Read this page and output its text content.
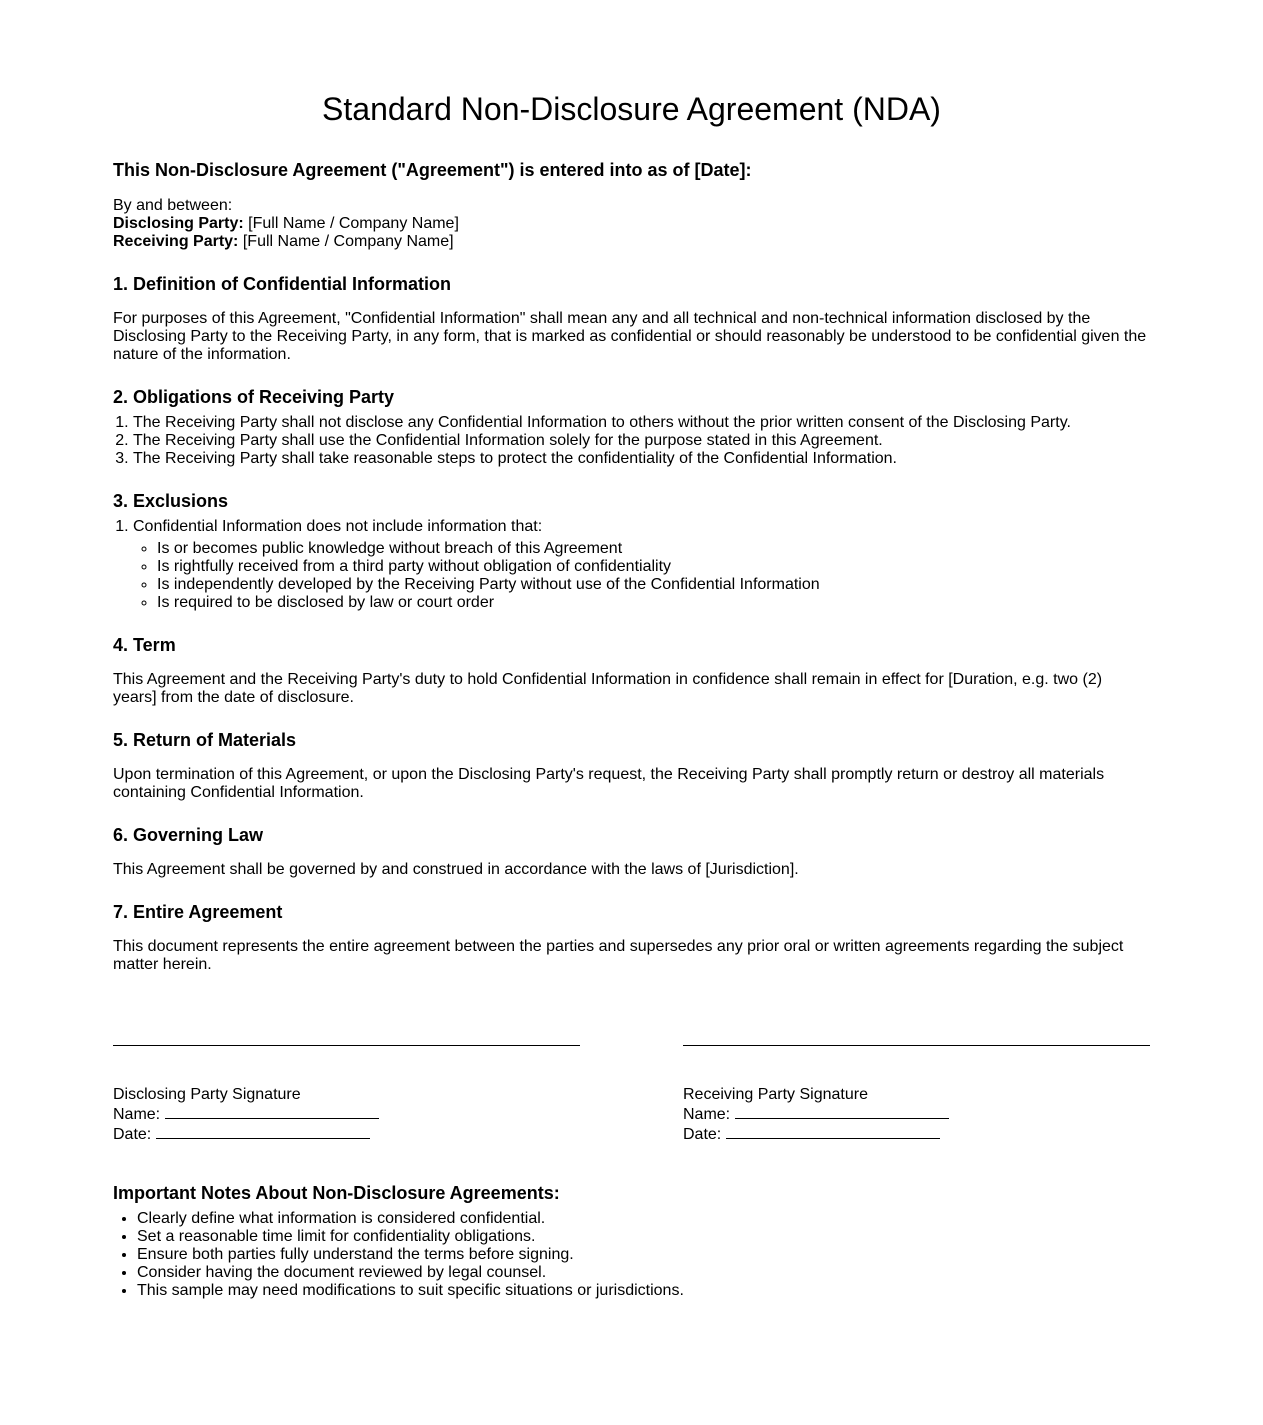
Standard Non-Disclosure Agreement (NDA)
This Non-Disclosure Agreement ("Agreement") is entered into as of [Date]:
By and between:
Disclosing Party: [Full Name / Company Name]
Receiving Party: [Full Name / Company Name]
1. Definition of Confidential Information
For purposes of this Agreement, "Confidential Information" shall mean any and all technical and non-technical information disclosed by the Disclosing Party to the Receiving Party, in any form, that is marked as confidential or should reasonably be understood to be confidential given the nature of the information.
2. Obligations of Receiving Party
1. The Receiving Party shall not disclose any Confidential Information to others without the prior written consent of the Disclosing Party.
2. The Receiving Party shall use the Confidential Information solely for the purpose stated in this Agreement.
3. The Receiving Party shall take reasonable steps to protect the confidentiality of the Confidential Information.
3. Exclusions
1. Confidential Information does not include information that:
◦ Is or becomes public knowledge without breach of this Agreement
◦ Is rightfully received from a third party without obligation of confidentiality
◦ Is independently developed by the Receiving Party without use of the Confidential Information
◦ Is required to be disclosed by law or court order
4. Term
This Agreement and the Receiving Party's duty to hold Confidential Information in confidence shall remain in effect for [Duration, e.g. two (2) years] from the date of disclosure.
5. Return of Materials
Upon termination of this Agreement, or upon the Disclosing Party's request, the Receiving Party shall promptly return or destroy all materials containing Confidential Information.
6. Governing Law
This Agreement shall be governed by and construed in accordance with the laws of [Jurisdiction].
7. Entire Agreement
This document represents the entire agreement between the parties and supersedes any prior oral or written agreements regarding the subject matter herein.
Disclosing Party Signature
Name:
Date:
Receiving Party Signature
Name:
Date:
Important Notes About Non-Disclosure Agreements:
• Clearly define what information is considered confidential.
• Set a reasonable time limit for confidentiality obligations.
• Ensure both parties fully understand the terms before signing.
• Consider having the document reviewed by legal counsel.
• This sample may need modifications to suit specific situations or jurisdictions.
